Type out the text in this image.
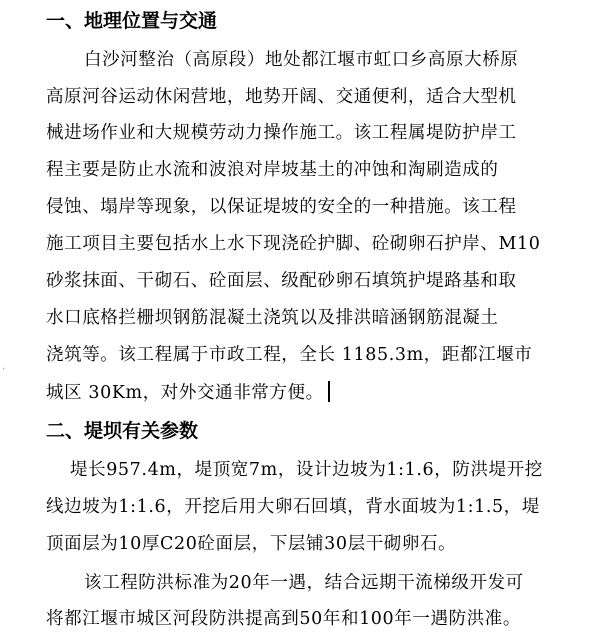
一、地理位置与交通
白沙河整治（高原段）地处都江堰市虹口乡高原大桥原
高原河谷运动休闲营地，地势开阔、交通便利，适合大型机
械进场作业和大规模劳动力操作施工。该工程属堤防护岸工
程主要是防止水流和波浪对岸坡基土的冲蚀和淘刷造成的
侵蚀、塌岸等现象，以保证堤坡的安全的一种措施。该工程
施工项目主要包括水上水下现浇砼护脚、砼砌卵石护岸、M10
砂浆抹面、干砌石、砼面层、级配砂卵石填筑护堤路基和取
水口底格拦栅坝钢筋混凝土浇筑以及排洪暗涵钢筋混凝土
浇筑等。该工程属于市政工程，全长 1185.3m，距都江堰市
城区 30Km，对外交通非常方便。
二、堤坝有关参数
堤长957.4m，堤顶宽7m，设计边坡为1:1.6，防洪堤开挖
线边坡为1:1.6，开挖后用大卵石回填，背水面坡为1:1.5，堤
顶面层为10厚C20砼面层，下层铺30层干砌卵石。
该工程防洪标准为20年一遇，结合远期干流梯级开发可
将都江堰市城区河段防洪提高到50年和100年一遇防洪准。
·
